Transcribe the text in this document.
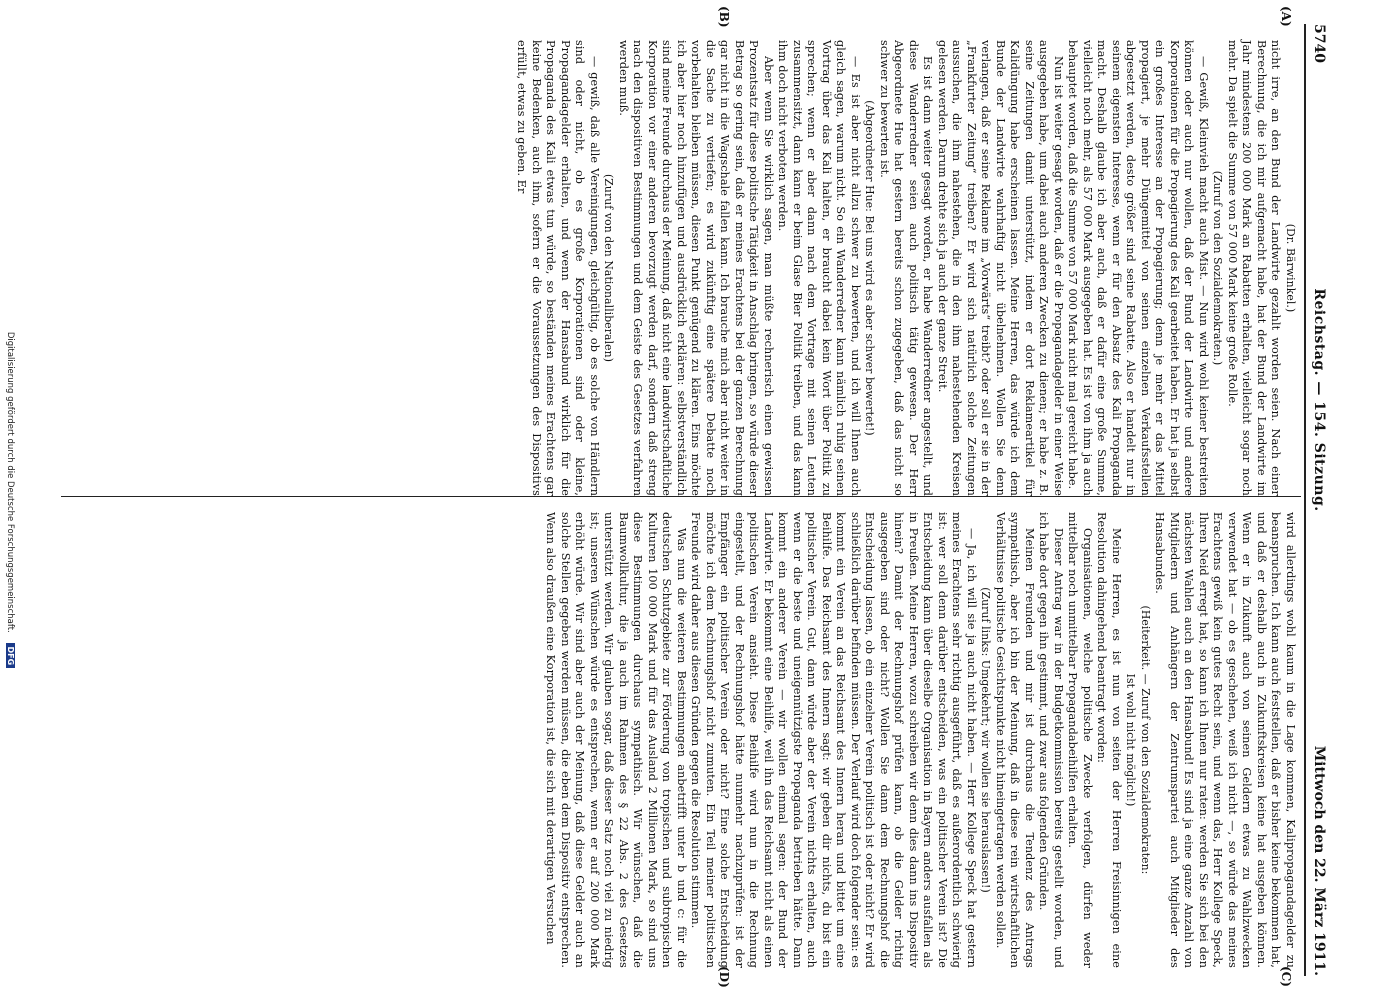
5740
Reichstag. — 154. Sitzung.
Mittwoch den 22. März 1911.
(A)
(B)
(C)
(D)

(Dr. Bärwinkel.)

nicht irre, an den Bund der Landwirte gezahlt worden seien. Nach einer Berechnung, die ich mir aufgemacht habe, hat der Bund der Landwirte im Jahr mindestens 200 000 Mark an Rabatten erhalten, vielleicht sogar noch mehr. Da spielt die Summe von 57 000 Mark keine große Rolle.

(Zuruf von den Sozialdemokraten.)

— Gewiß, Kleinvieh macht auch Mist. — Nun wird wohl keiner bestreiten können oder auch nur wollen, daß der Bund der Landwirte und andere Korporationen für die Propagierung des Kali gearbeitet haben. Er hat ja selbst ein großes Interesse an der Propagierung; denn je mehr er das Mittel propagiert, je mehr Düngemittel von seinen einzelnen Verkaufsstellen abgesetzt werden, desto größer sind seine Rabatte. Also er handelt nur in seinem eigensten Interesse, wenn er für den Absatz des Kali Propaganda macht. Deshalb glaube ich aber auch, daß er dafür eine große Summe, vielleicht noch mehr, als 57 000 Mark ausgegeben hat. Es ist von ihm ja auch behauptet worden, daß die Summe von 57 000 Mark nicht mal gereicht habe.

Nun ist weiter gesagt worden, daß er die Propagandagelder in einer Weise ausgegeben habe, um dabei auch anderen Zwecken zu dienen; er habe z. B. seine Zeitungen damit unterstützt, indem er dort Reklameartikel für Kalidüngung habe erscheinen lassen. Meine Herren, das würde ich dem Bunde der Landwirte wahrhaftig nicht übelnehmen. Wollen Sie denn verlangen, daß er seine Reklame im „Vorwärts“ treibt? oder soll er sie in der „Frankfurter Zeitung“ treiben? Er wird sich natürlich solche Zeitungen aussuchen, die ihm nahestehen, die in den ihm nahestehenden Kreisen gelesen werden. Darum drehte sich ja auch der ganze Streit.

Es ist dann weiter gesagt worden, er habe Wanderredner angestellt, und diese Wanderredner seien auch politisch tätig gewesen. Der Herr Abgeordnete Hue hat gestern bereits schon zugegeben, daß das nicht so schwer zu bewerten ist.

(Abgeordneter Hue: Bei uns wird es aber schwer bewertet!)

— Es ist aber nicht allzu schwer zu bewerten, und ich will Ihnen auch gleich sagen, warum nicht. So ein Wanderredner kann nämlich ruhig seinen Vortrag über das Kali halten, er braucht dabei kein Wort über Politik zu sprechen; wenn er aber dann nach dem Vortrage mit seinen Leuten zusammensitzt, dann kann er beim Glase Bier Politik treiben, und das kann ihm doch nicht verboten werden.

Aber wenn Sie wirklich sagen, man müßte rechnerisch einen gewissen Prozentsatz für diese politische Tätigkeit in Anschlag bringen, so würde dieser Betrag so gering sein, daß er meines Erachtens bei der ganzen Berechnung gar nicht in die Wagschale fallen kann. Ich brauche mich aber nicht weiter in die Sache zu vertiefen; es wird zukünftig eine spätere Debatte noch vorbehalten bleiben müssen, diesen Punkt genügend zu klären. Eins möchte ich aber hier noch hinzufügen und ausdrücklich erklären: selbstverständlich sind meine Freunde durchaus der Meinung, daß nicht eine landwirtschaftliche Korporation vor einer anderen bevorzugt werden darf, sondern daß streng nach den dispositiven Bestimmungen und dem Geiste des Gesetzes verfahren werden muß.

(Zuruf von den Nationalliberalen)

— gewiß, daß alle Vereinigungen, gleichgültig, ob es solche von Händlern sind oder nicht, ob es große Korporationen sind oder kleine, Propagandagelder erhalten, und wenn der Hansabund wirklich für die Propaganda des Kali etwas tun würde, so beständen meines Erachtens gar keine Bedenken, auch ihm, sofern er die Voraussetzungen des Dispositivs erfüllt, etwas zu geben. Er

wird allerdings wohl kaum in die Lage kommen, Kalipropagandagelder zu beanspruchen. Ich kann auch feststellen, daß er bisher keine bekommen hat, und daß er deshalb auch in Zukunftskreisen keine hat ausgeben können. Wenn er in Zukunft auch von seinen Geldern etwas zu Wahlzwecken verwendet hat — ob es geschehen, weiß ich nicht —, so würde das meines Erachtens gewiß kein gutes Recht sein, und wenn das, Herr Kollege Speck, Ihren Neid erregt hat, so kann ich Ihnen nur raten: werden Sie sich bei den nächsten Wahlen auch an den Hansabund! Es sind ja eine ganze Anzahl von Mitgliedern und Anhängern der Zentrumspartei auch Mitglieder des Hansabundes.

(Heiterkeit. — Zuruf von den Sozialdemokraten:

Ist wohl nicht möglich!)

Meine Herren, es ist nun von seiten der Herren Freisinnigen eine Resolution dahingehend beantragt worden:

Organisationen, welche politische Zwecke verfolgen, dürfen weder mittelbar noch unmittelbar Propagandabeihilfen erhalten.

Dieser Antrag war in der Budgetkommission bereits gestellt worden, und ich habe dort gegen ihn gestimmt, und zwar aus folgenden Gründen.

Meinen Freunden und mir ist durchaus die Tendenz des Antrags sympathisch, aber ich bin der Meinung, daß in diese rein wirtschaftlichen Verhältnisse politische Gesichtspunkte nicht hineingetragen werden sollen.

(Zuruf links: Umgekehrt; wir wollen sie herauslassen!)

— Ja, ich will sie ja auch nicht haben. — Herr Kollege Speck hat gestern meines Erachtens sehr richtig ausgeführt, daß es außerordentlich schwierig ist: wer soll denn darüber entscheiden, was ein politischer Verein ist? Die Entscheidung kann über dieselbe Organisation in Bayern anders ausfallen als in Preußen. Meine Herren, wozu schreiben wir denn dies dann ins Dispositiv hinein? Damit der Rechnungshof prüfen kann, ob die Gelder richtig ausgegeben sind oder nicht? Wollen Sie dann dem Rechnungshof die Entscheidung lassen, ob ein einzelner Verein politisch ist oder nicht? Er wird schließlich darüber befinden müssen. Der Verlauf wird doch folgender sein: es kommt ein Verein an das Reichsamt des Innern heran und bittet um eine Beihilfe. Das Reichsamt des Innern sagt: wir geben dir nichts, du bist ein politischer Verein. Gut, dann würde aber der Verein nichts erhalten, auch wenn er die beste und uneigennützigste Propaganda betrieben hätte. Dann kommt ein anderer Verein — wir wollen einmal sagen: der Bund der Landwirte. Er bekommt eine Beihilfe, weil ihn das Reichsamt nicht als einen politischen Verein ansieht. Diese Beihilfe wird nun in die Rechnung eingestellt, und der Rechnungshof hätte nunmehr nachzuprüfen: ist der Empfänger ein politischer Verein oder nicht? Eine solche Entscheidung möchte ich dem Rechnungshof nicht zumuten. Ein Teil meiner politischen Freunde wird daher aus diesen Gründen gegen die Resolution stimmen.

Was nun die weiteren Bestimmungen anbetrifft unter b und c: für die deutschen Schutzgebiete zur Förderung von tropischen und subtropischen Kulturen 100 000 Mark und für das Ausland 2 Millionen Mark, so sind uns diese Bestimmungen durchaus sympathisch. Wir wünschen, daß die Baumwollkultur, die ja auch im Rahmen des § 22 Abs. 2 des Gesetzes unterstützt werden. Wir glauben sogar, daß dieser Satz noch viel zu niedrig ist; unseren Wünschen würde es entsprechen, wenn er auf 200 000 Mark erhöht würde. Wir sind aber auch der Meinung, daß diese Gelder auch an solche Stellen gegeben werden müssen, die eben dem Dispositiv entsprechen. Wenn also draußen eine Korporation ist, die sich mit derartigen Versuchen

Digitalisierung gefördert durch die Deutsche Forschungsgemeinschaft. DFG
